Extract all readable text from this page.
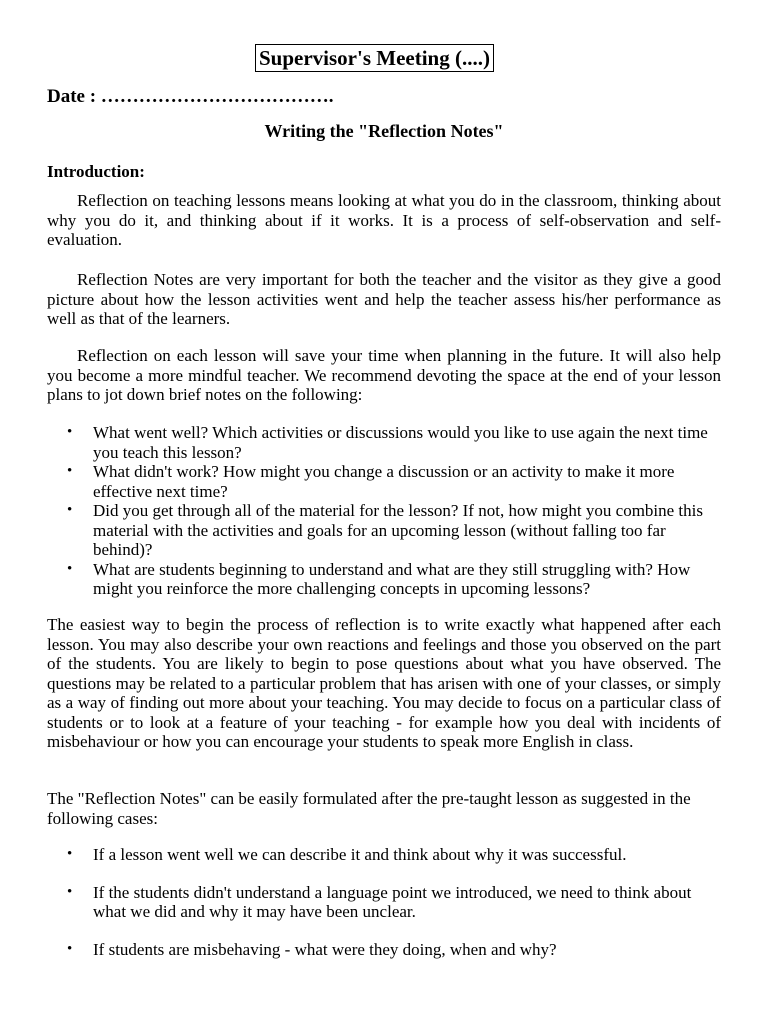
Supervisor's Meeting (....)
Date : ……………………………….
Writing the "Reflection Notes"
Introduction:

Reflection on teaching lessons means looking at what you do in the classroom, thinking about why you do it, and thinking about if it works. It is a process of self-observation and self-evaluation.

Reflection Notes are very important for both the teacher and the visitor as they give a good picture about how the lesson activities went and help the teacher assess his/her performance as well as that of the learners.

Reflection on each lesson will save your time when planning in the future. It will also help you become a more mindful teacher. We recommend devoting the space at the end of your lesson plans to jot down brief notes on the following:

• What went well? Which activities or discussions would you like to use again the next time you teach this lesson?
• What didn't work? How might you change a discussion or an activity to make it more effective next time?
• Did you get through all of the material for the lesson? If not, how might you combine this material with the activities and goals for an upcoming lesson (without falling too far behind)?
• What are students beginning to understand and what are they still struggling with? How might you reinforce the more challenging concepts in upcoming lessons?

The easiest way to begin the process of reflection is to write exactly what happened after each lesson. You may also describe your own reactions and feelings and those you observed on the part of the students. You are likely to begin to pose questions about what you have observed. The questions may be related to a particular problem that has arisen with one of your classes, or simply as a way of finding out more about your teaching. You may decide to focus on a particular class of students or to look at a feature of your teaching - for example how you deal with incidents of misbehaviour or how you can encourage your students to speak more English in class.

The "Reflection Notes" can be easily formulated after the pre-taught lesson as suggested in the following cases:

• If a lesson went well we can describe it and think about why it was successful.
• If the students didn't understand a language point we introduced, we need to think about what we did and why it may have been unclear.
• If students are misbehaving - what were they doing, when and why?
